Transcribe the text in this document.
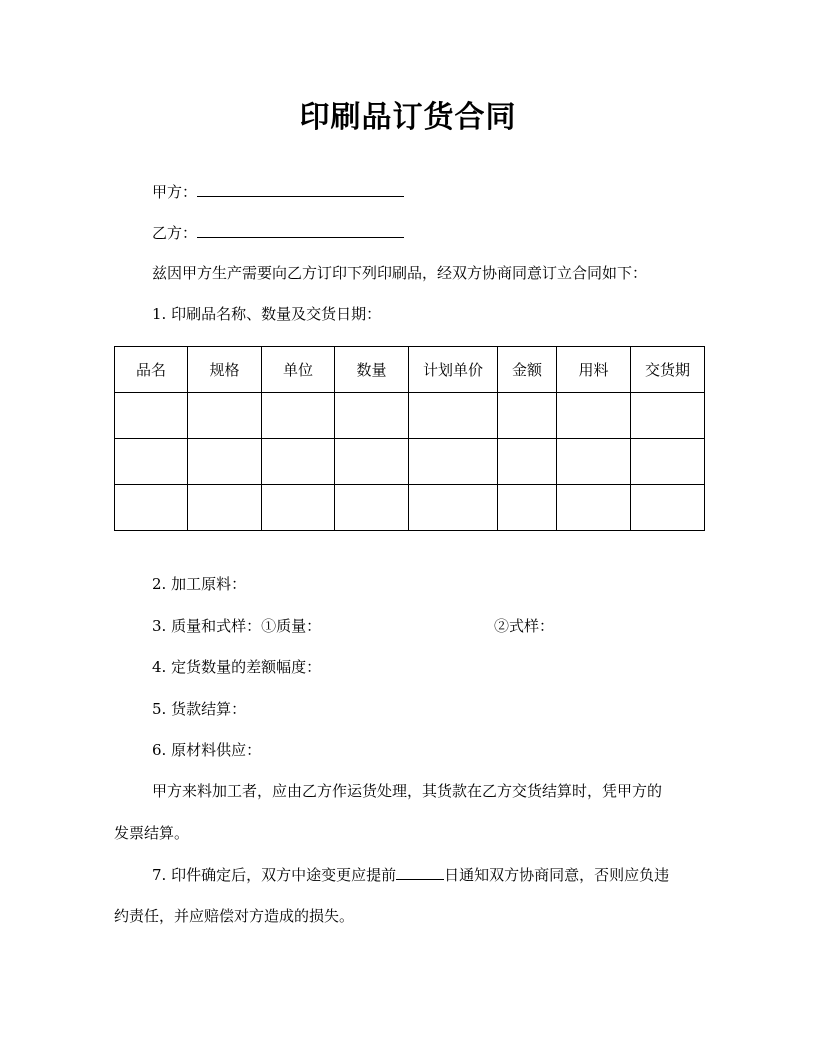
印刷品订货合同
甲方：
乙方：
兹因甲方生产需要向乙方订印下列印刷品，经双方协商同意订立合同如下：
1. 印刷品名称、数量及交货日期：
品名	规格	单位	数量	计划单价	金额	用料	交货期

2. 加工原料：
3. 质量和式样：①质量：	②式样：
4. 定货数量的差额幅度：
5. 货款结算：
6. 原材料供应：
甲方来料加工者，应由乙方作运货处理，其货款在乙方交货结算时，凭甲方的
发票结算。
7. 印件确定后，双方中途变更应提前	日通知双方协商同意，否则应负违
约责任，并应赔偿对方造成的损失。
